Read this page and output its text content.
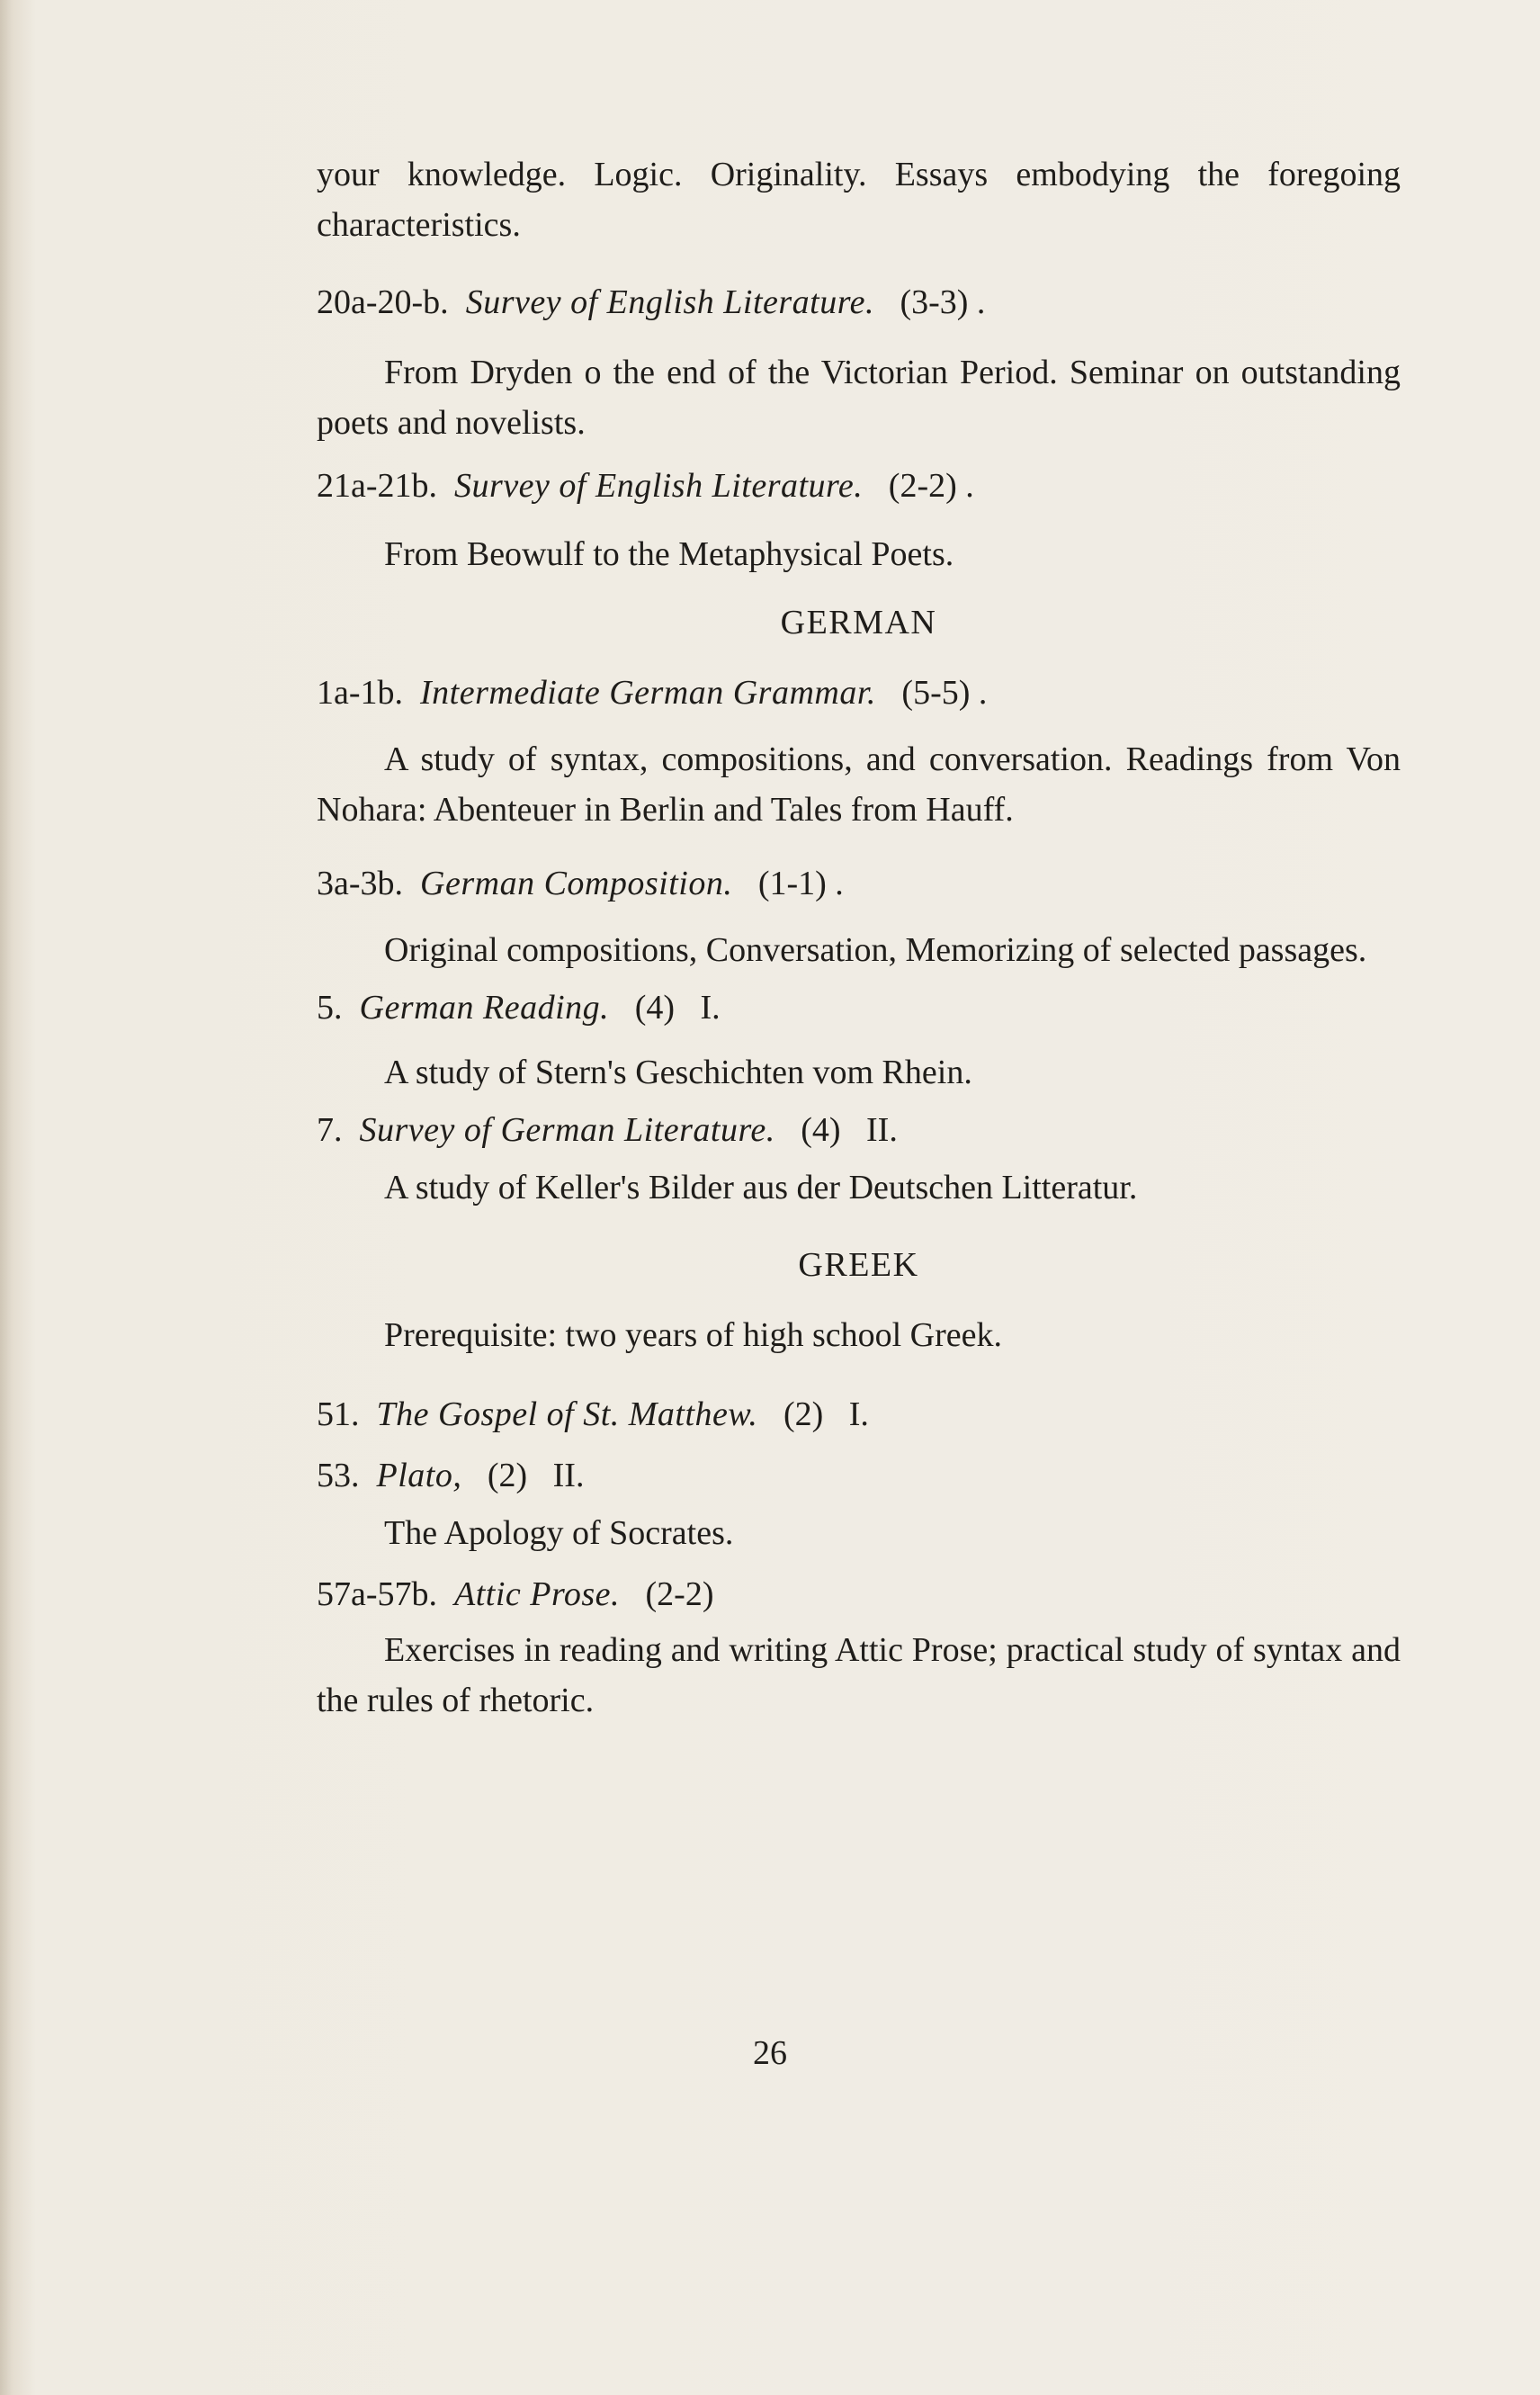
your knowledge. Logic. Originality. Essays embodying the foregoing characteristics.

20a-20-b. Survey of English Literature. (3-3) .

From Dryden o the end of the Victorian Period. Seminar on outstanding poets and novelists.

21a-21b. Survey of English Literature. (2-2) .

From Beowulf to the Metaphysical Poets.

GERMAN

1a-1b. Intermediate German Grammar. (5-5) .

A study of syntax, compositions, and conversation. Readings from Von Nohara: Abenteuer in Berlin and Tales from Hauff.

3a-3b. German Composition. (1-1) .

Original compositions, Conversation, Memorizing of selected passages.

5. German Reading. (4) I.

A study of Stern's Geschichten vom Rhein.

7. Survey of German Literature. (4) II.

A study of Keller's Bilder aus der Deutschen Litteratur.

GREEK

Prerequisite: two years of high school Greek.

51. The Gospel of St. Matthew. (2) I.

53. Plato, (2) II.

The Apology of Socrates.

57a-57b. Attic Prose. (2-2)

Exercises in reading and writing Attic Prose; practical study of syntax and the rules of rhetoric.

26
